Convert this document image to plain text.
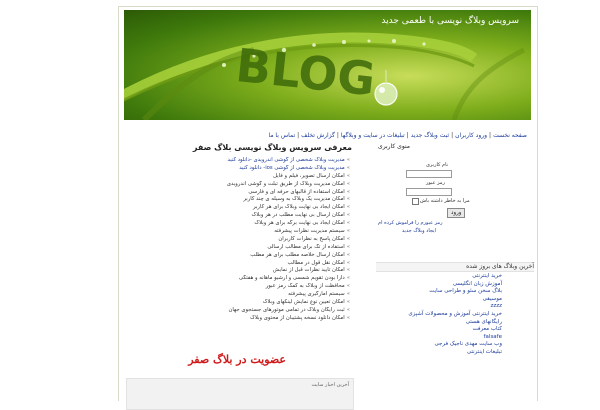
سرویس وبلاگ نویسی با طعمی جدید
BLOG
صفحه نخست|ورود کاربران|ثبت وبلاگ جدید|تبلیغات در سایت و وبلاگها|گزارش تخلف|تماس با ما
معرفی سرویس وبلاگ نویسی بلاگ صفر
»مدیریت وبلاگ شخصی از گوشی اندرویدی -دانلود کنید
»مدیریت وبلاگ شخصی از گوشی ios- دانلود کنید
»امکان ارسال تصویر، فیلم و فایل
»امکان مدیریت وبلاگ از طریق تبلت و گوشی اندرویدی
»امکان استفاده از قالبهای حرفه ای و فارسی
»امکان مدیریت یک وبلاگ به وسیله ی چند کاربر
»امکان ایجاد بی نهایت وبلاگ برای هر کاربر
»امکان ارسال بی نهایت مطلب در هر وبلاگ
»امکان ایجاد بی نهایت برگه برای هر وبلاگ
»سیستم مدیریت نظرات پیشرفته
»امکان پاسخ به نظرات کاربران
»استفاده از تگ برای مطالب ارسالی
»امکان ارسال خلاصه مطلب برای هر مطلب
»امکان نقل قول در مطالب
»امکان تایید نظرات قبل از نمایش
»دارا بودن تقویم شمسی و آرشیو ماهانه و هفتگی
»محافظت از وبلاگ به کمک رمز عبور
»سیستم آمارگیری پیشرفته
»امکان تعیین نوع نمایش لینکهای وبلاگ
»ثبت رایگان وبلاگ در تمامی موتورهای جستجوی جهان
»امکان دانلود نسخه پشتیبان از محتوی وبلاگ
عضویت در بلاگ صفر
آخرین اخبار سایت
منوی کاربری
نام کاربری
رمز عبور
مرا به خاطر داشته باش
ورود
رمز عبورم را فراموش کرده ام
ایجاد وبلاگ جدید
آخرین وبلاگ های بروز شده
خرید اینترنتی
آموزش زبان انگلیسی
بلاگ سخن سئو و طراحی سایت
موسیقی
zzzz
خرید اینترنتی آموزش و محصولات آشپزی
رایگانهای هستی
کتاب معرفت
falsafe
وب سایت مهدی ناجیک فرجی
تبلیغات اینترنتی
